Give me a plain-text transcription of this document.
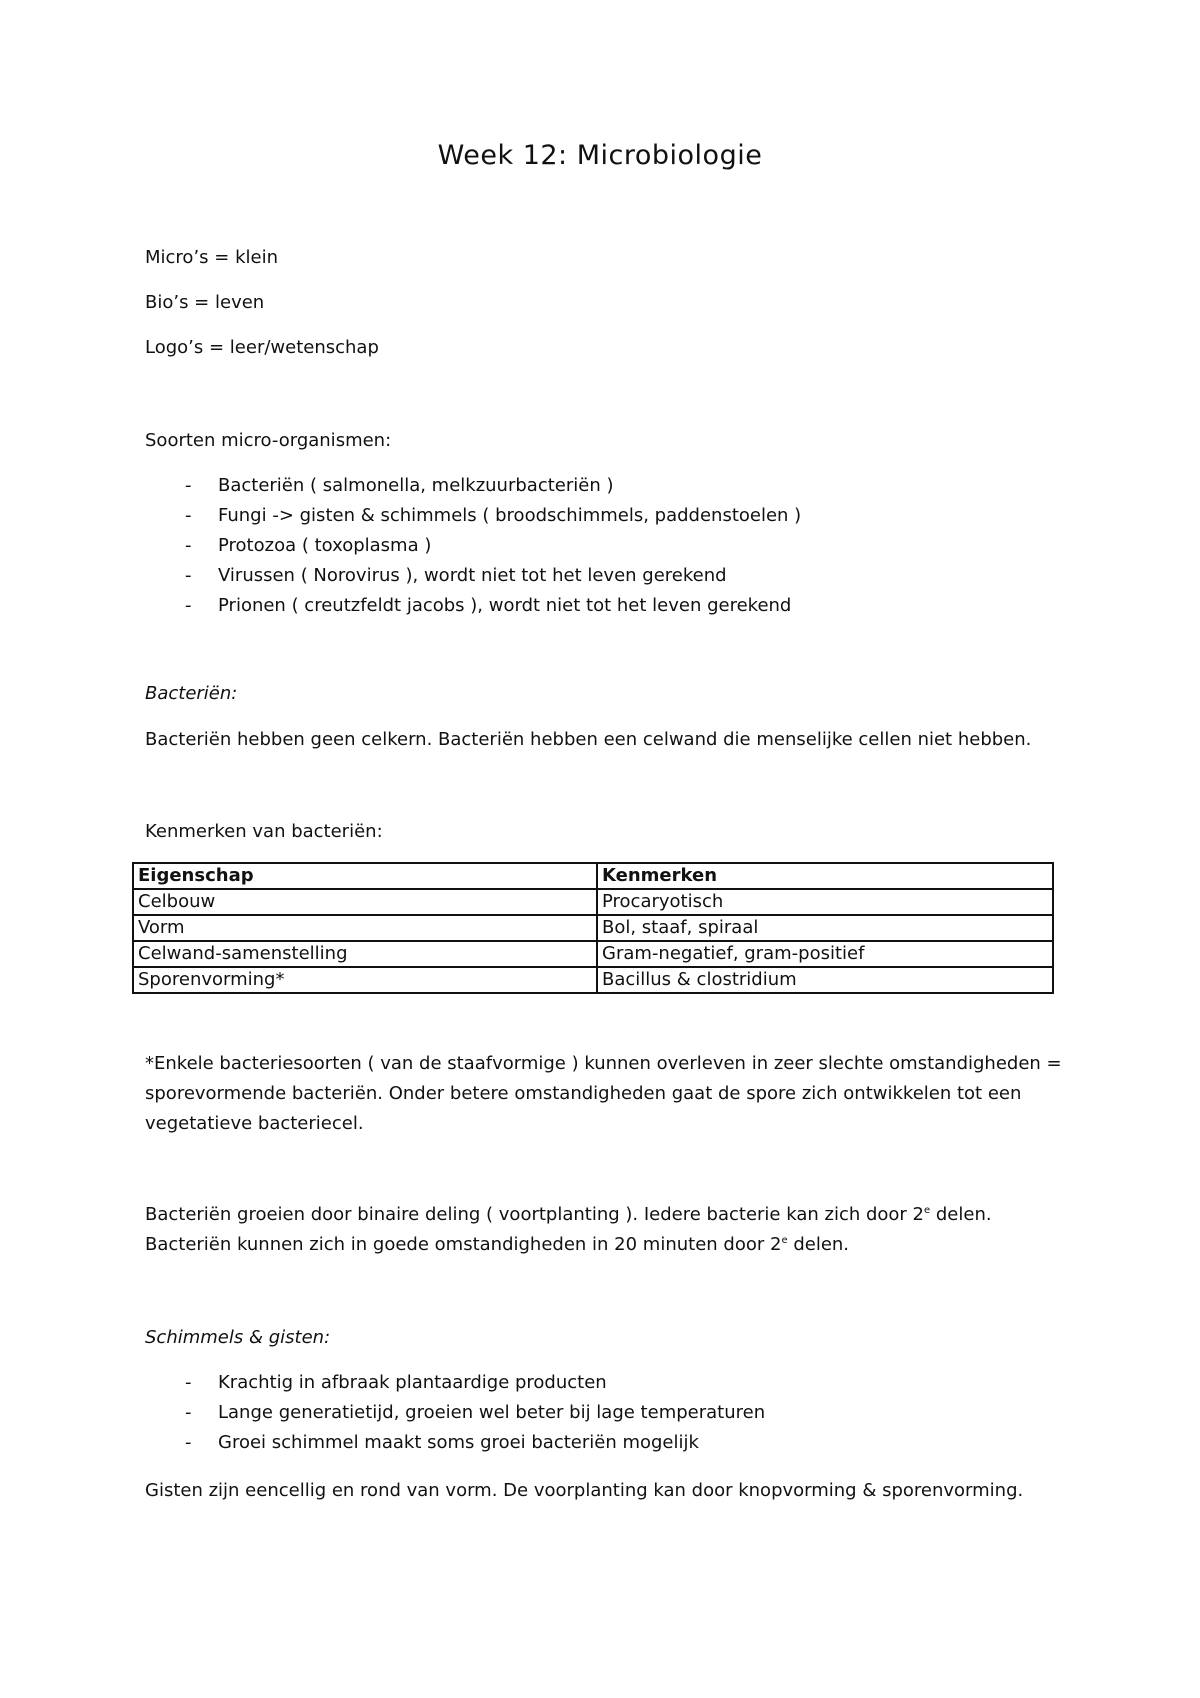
Week 12: Microbiologie

Micro’s = klein

Bio’s = leven

Logo’s = leer/wetenschap

Soorten micro-organismen:

- Bacteriën ( salmonella, melkzuurbacteriën )
- Fungi -> gisten & schimmels ( broodschimmels, paddenstoelen )
- Protozoa ( toxoplasma )
- Virussen ( Norovirus ), wordt niet tot het leven gerekend
- Prionen ( creutzfeldt jacobs ), wordt niet tot het leven gerekend

Bacteriën:

Bacteriën hebben geen celkern. Bacteriën hebben een celwand die menselijke cellen niet hebben.

Kenmerken van bacteriën:

Eigenschap	Kenmerken
Celbouw	Procaryotisch
Vorm	Bol, staaf, spiraal
Celwand-samenstelling	Gram-negatief, gram-positief
Sporenvorming*	Bacillus & clostridium

*Enkele bacteriesoorten ( van de staafvormige ) kunnen overleven in zeer slechte omstandigheden =

sporevormende bacteriën. Onder betere omstandigheden gaat de spore zich ontwikkelen tot een

vegetatieve bacteriecel.

Bacteriën groeien door binaire deling ( voortplanting ). Iedere bacterie kan zich door 2e delen.

Bacteriën kunnen zich in goede omstandigheden in 20 minuten door 2e delen.

Schimmels & gisten:

- Krachtig in afbraak plantaardige producten
- Lange generatietijd, groeien wel beter bij lage temperaturen
- Groei schimmel maakt soms groei bacteriën mogelijk

Gisten zijn eencellig en rond van vorm. De voorplanting kan door knopvorming & sporenvorming.
